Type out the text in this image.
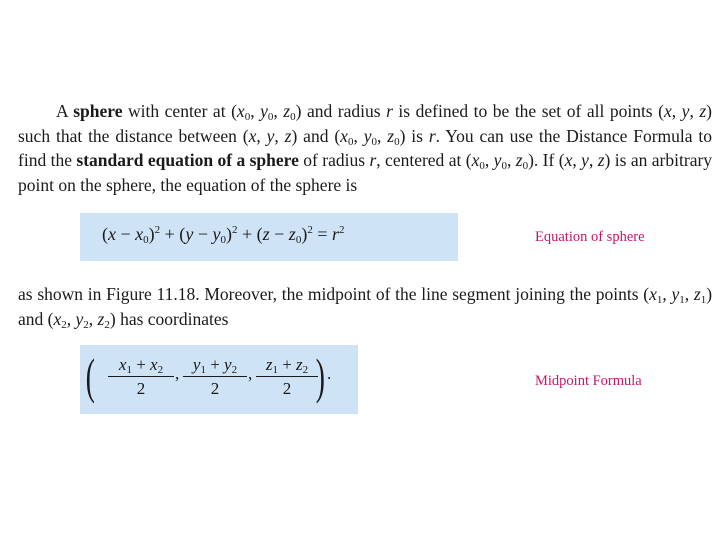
A sphere with center at ($x_0$, $y_0$, $z_0$) and radius r is defined to be the set of all points (x, y, z) such that the distance between (x, y, z) and ($x_0$, $y_0$, $z_0$) is r. You can use the Distance Formula to find the standard equation of a sphere of radius r, centered at ($x_0$, $y_0$, $z_0$). If (x, y, z) is an arbitrary point on the sphere, the equation of the sphere is

$(x - x_0)^2 + (y - y_0)^2 + (z - z_0)^2 = r^2$	Equation of sphere

as shown in Figure 11.18. Moreover, the midpoint of the line segment joining the points ($x_1$, $y_1$, $z_1$) and ($x_2$, $y_2$, $z_2$) has coordinates

( $\frac{x_1 + x_2}{2}$ , $\frac{y_1 + y_2}{2}$ , $\frac{z_1 + z_2}{2}$
) .	Midpoint Formula
